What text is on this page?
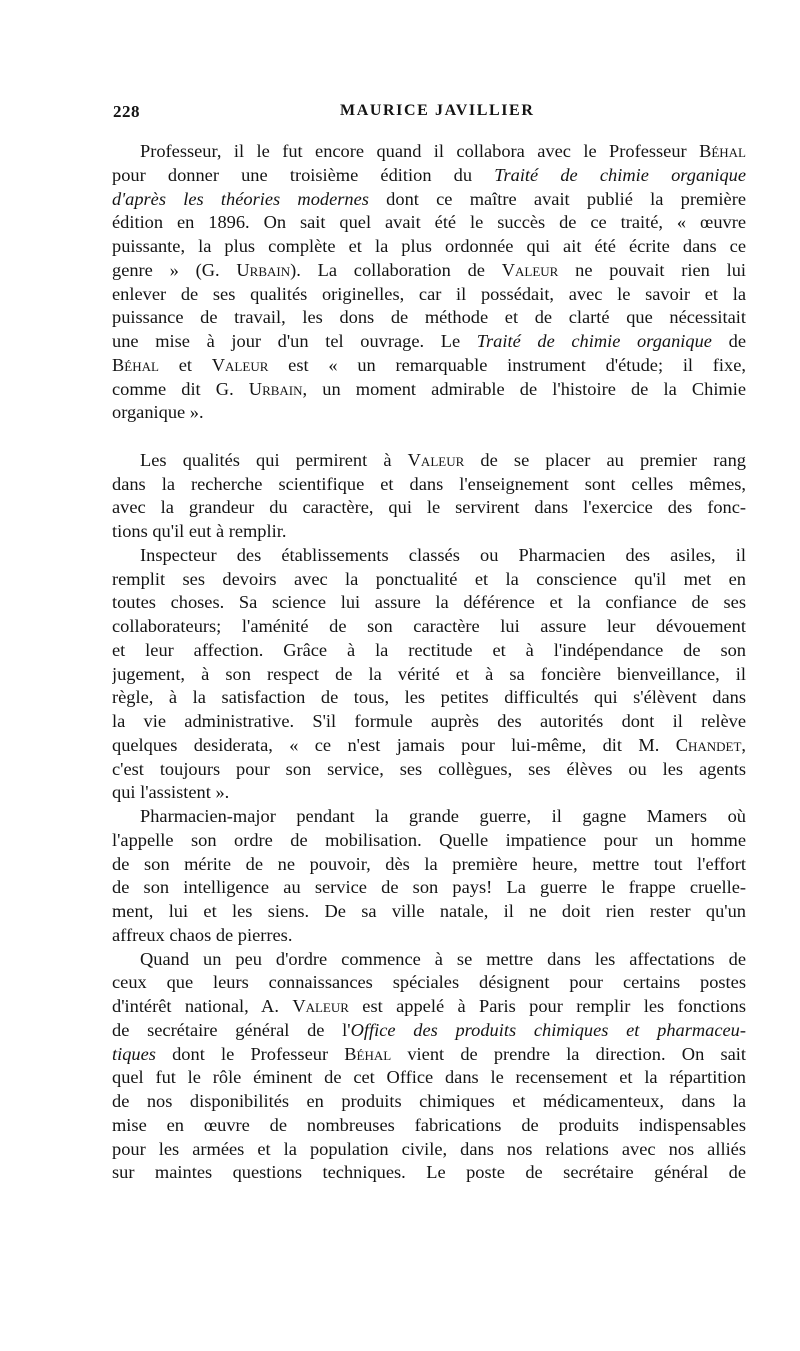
228	MAURICE JAVILLIER
Professeur, il le fut encore quand il collabora avec le Professeur Béhal
pour donner une troisième édition du Traité de chimie organique
d'après les théories modernes dont ce maître avait publié la première
édition en 1896. On sait quel avait été le succès de ce traité, « œuvre
puissante, la plus complète et la plus ordonnée qui ait été écrite dans ce
genre » (G. Urbain). La collaboration de Valeur ne pouvait rien lui
enlever de ses qualités originelles, car il possédait, avec le savoir et la
puissance de travail, les dons de méthode et de clarté que nécessitait
une mise à jour d'un tel ouvrage. Le Traité de chimie organique de
Béhal et Valeur est « un remarquable instrument d'étude; il fixe,
comme dit G. Urbain, un moment admirable de l'histoire de la Chimie
organique ».
Les qualités qui permirent à Valeur de se placer au premier rang
dans la recherche scientifique et dans l'enseignement sont celles mêmes,
avec la grandeur du caractère, qui le servirent dans l'exercice des fonc-
tions qu'il eut à remplir.
Inspecteur des établissements classés ou Pharmacien des asiles, il
remplit ses devoirs avec la ponctualité et la conscience qu'il met en
toutes choses. Sa science lui assure la déférence et la confiance de ses
collaborateurs; l'aménité de son caractère lui assure leur dévouement
et leur affection. Grâce à la rectitude et à l'indépendance de son
jugement, à son respect de la vérité et à sa foncière bienveillance, il
règle, à la satisfaction de tous, les petites difficultés qui s'élèvent dans
la vie administrative. S'il formule auprès des autorités dont il relève
quelques desiderata, « ce n'est jamais pour lui-même, dit M. Chandet,
c'est toujours pour son service, ses collègues, ses élèves ou les agents
qui l'assistent ».
Pharmacien-major pendant la grande guerre, il gagne Mamers où
l'appelle son ordre de mobilisation. Quelle impatience pour un homme
de son mérite de ne pouvoir, dès la première heure, mettre tout l'effort
de son intelligence au service de son pays! La guerre le frappe cruelle-
ment, lui et les siens. De sa ville natale, il ne doit rien rester qu'un
affreux chaos de pierres.
Quand un peu d'ordre commence à se mettre dans les affectations de
ceux que leurs connaissances spéciales désignent pour certains postes
d'intérêt national, A. Valeur est appelé à Paris pour remplir les fonctions
de secrétaire général de l'Office des produits chimiques et pharmaceu-
tiques dont le Professeur Béhal vient de prendre la direction. On sait
quel fut le rôle éminent de cet Office dans le recensement et la répartition
de nos disponibilités en produits chimiques et médicamenteux, dans la
mise en œuvre de nombreuses fabrications de produits indispensables
pour les armées et la population civile, dans nos relations avec nos alliés
sur maintes questions techniques. Le poste de secrétaire général de
